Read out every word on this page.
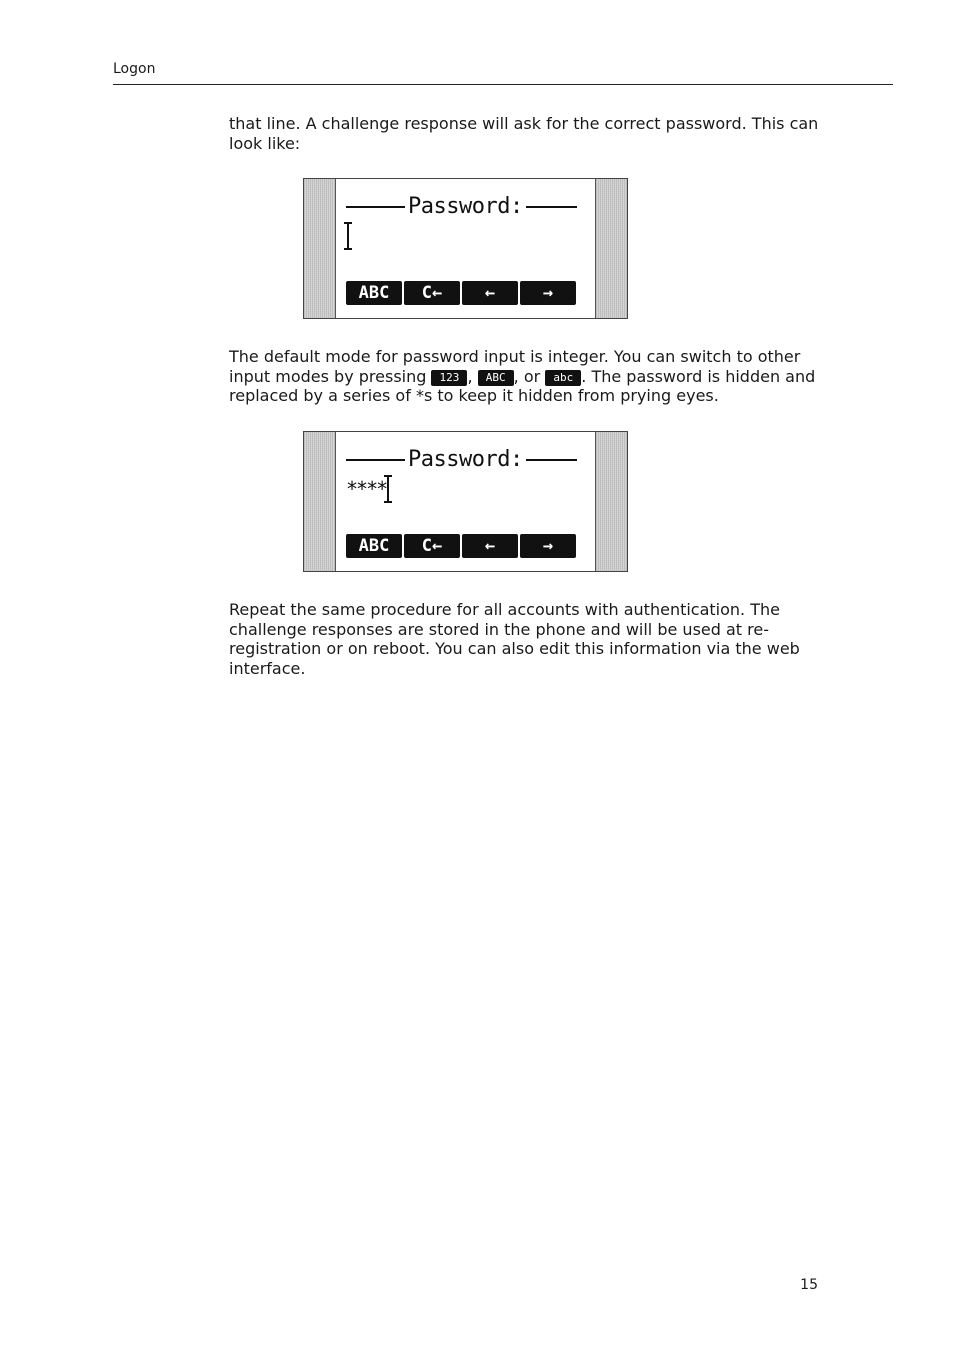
Logon

that line. A challenge response will ask for the correct password. This can look like:

Password:
ABC	C←	←	→

The default mode for password input is integer. You can switch to other input modes by pressing 123 , ABC , or abc . The password is hidden and replaced by a series of *s to keep it hidden from prying eyes.

Password:
****
ABC	C←	←	→

Repeat the same procedure for all accounts with authentication. The challenge responses are stored in the phone and will be used at re-registration or on reboot. You can also edit this information via the web interface.

15
